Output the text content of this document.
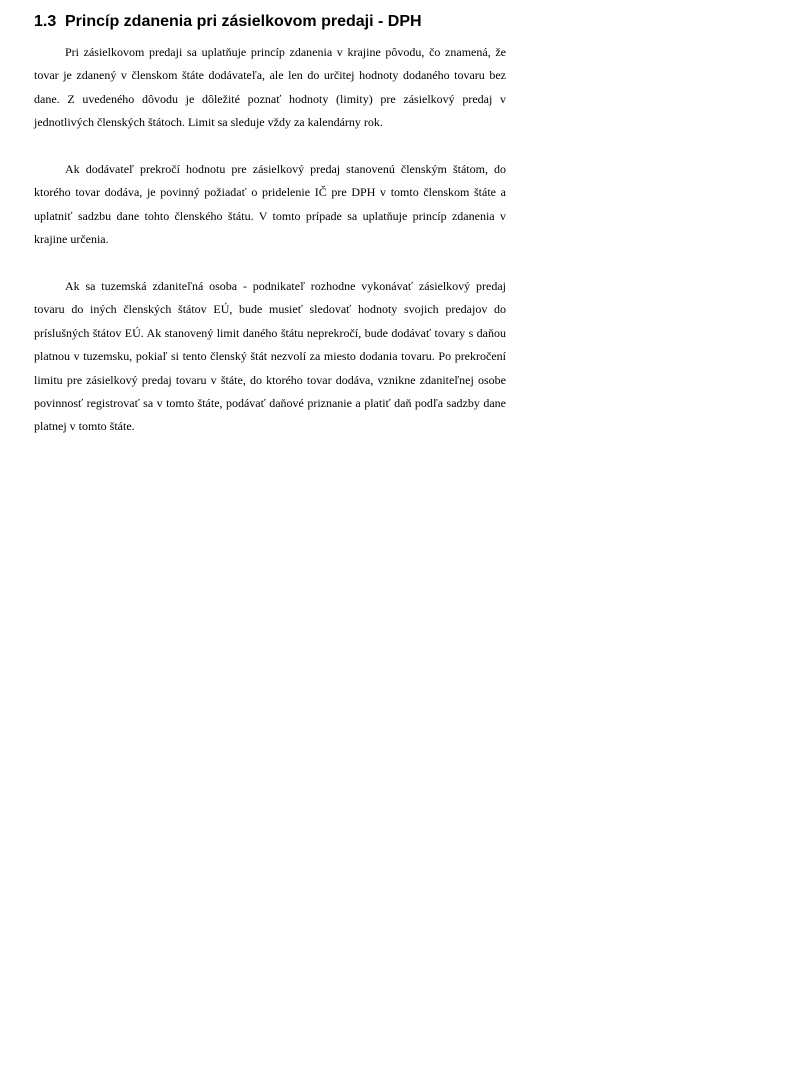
1.3 Princíp zdanenia pri zásielkovom predaji - DPH

Pri zásielkovom predaji sa uplatňuje princíp zdanenia v krajine pôvodu, čo znamená, že tovar je zdanený v členskom štáte dodávateľa, ale len do určitej hodnoty dodaného tovaru bez dane. Z uvedeného dôvodu je dôležité poznať hodnoty (limity) pre zásielkový predaj v jednotlivých členských štátoch. Limit sa sleduje vždy za kalendárny rok.

Ak dodávateľ prekročí hodnotu pre zásielkový predaj stanovenú členským štátom, do ktorého tovar dodáva, je povinný požiadať o pridelenie IČ pre DPH v tomto členskom štáte a uplatniť sadzbu dane tohto členského štátu. V tomto prípade sa uplatňuje princíp zdanenia v krajine určenia.

Ak sa tuzemská zdaniteľná osoba - podnikateľ rozhodne vykonávať zásielkový predaj tovaru do iných členských štátov EÚ, bude musieť sledovať hodnoty svojich predajov do príslušných štátov EÚ. Ak stanovený limit daného štátu neprekročí, bude dodávať tovary s daňou platnou v tuzemsku, pokiaľ si tento členský štát nezvolí za miesto dodania tovaru. Po prekročení limitu pre zásielkový predaj tovaru v štáte, do ktorého tovar dodáva, vznikne zdaniteľnej osobe povinnosť registrovať sa v tomto štáte, podávať daňové priznanie a platiť daň podľa sadzby dane platnej v tomto štáte.
